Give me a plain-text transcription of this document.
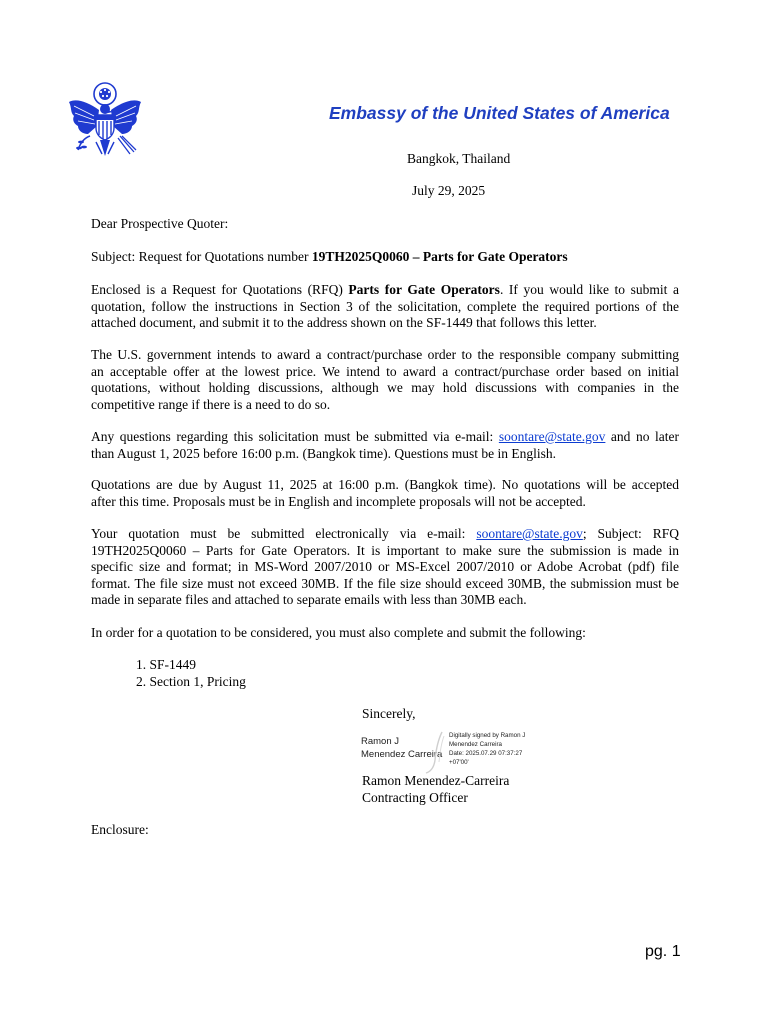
Embassy of the United States of America
Bangkok, Thailand
July 29, 2025
Dear Prospective Quoter:
Subject: Request for Quotations number 19TH2025Q0060 – Parts for Gate Operators
Enclosed is a Request for Quotations (RFQ) Parts for Gate Operators. If you would like to submit a
quotation, follow the instructions in Section 3 of the solicitation, complete the required portions of the
attached document, and submit it to the address shown on the SF-1449 that follows this letter.
The U.S. government intends to award a contract/purchase order to the responsible company submitting
an acceptable offer at the lowest price. We intend to award a contract/purchase order based on initial
quotations, without holding discussions, although we may hold discussions with companies in the
competitive range if there is a need to do so.
Any questions regarding this solicitation must be submitted via e-mail: soontare@state.gov and no later
than August 1, 2025 before 16:00 p.m. (Bangkok time). Questions must be in English.
Quotations are due by August 11, 2025 at 16:00 p.m. (Bangkok time). No quotations will be accepted
after this time. Proposals must be in English and incomplete proposals will not be accepted.
Your quotation must be submitted electronically via e-mail: soontare@state.gov; Subject: RFQ
19TH2025Q0060 – Parts for Gate Operators. It is important to make sure the submission is made in
specific size and format; in MS-Word 2007/2010 or MS-Excel 2007/2010 or Adobe Acrobat (pdf) file
format. The file size must not exceed 30MB. If the file size should exceed 30MB, the submission must be
made in separate files and attached to separate emails with less than 30MB each.
In order for a quotation to be considered, you must also complete and submit the following:
1. SF-1449
2. Section 1, Pricing
Sincerely,
Ramon J
Menendez Carreira
Digitally signed by Ramon J
Menendez Carreira
Date: 2025.07.29 07:37:27
+07'00'
Ramon Menendez-Carreira
Contracting Officer
Enclosure:
pg. 1
